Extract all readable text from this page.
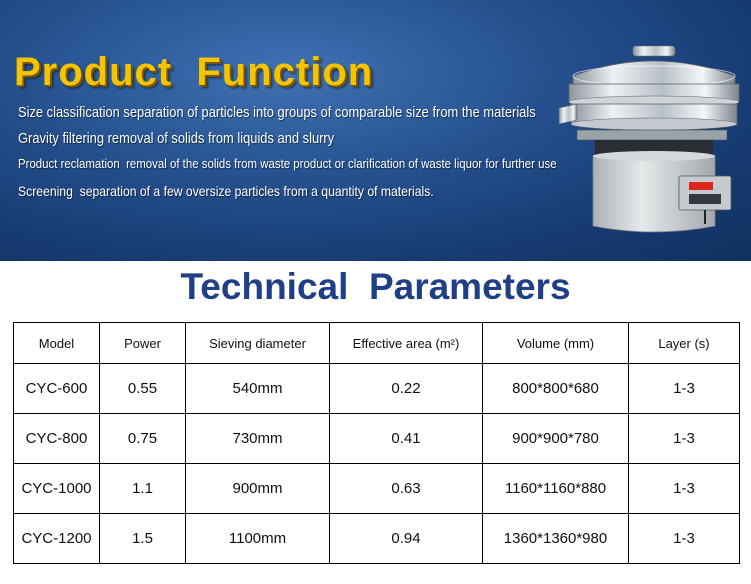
Product  Function

Size classification separation of particles into groups of comparable size from the materials

Gravity filtering removal of solids from liquids and slurry

Product reclamation  removal of the solids from waste product or clarification of waste liquor for further use

Screening  separation of a few oversize particles from a quantity of materials.

Technical  Parameters
Model	Power	Sieving diameter	Effective area (m²)	Volume (mm)	Layer (s)
CYC-600	0.55	540mm	0.22	800*800*680	1-3
CYC-800	0.75	730mm	0.41	900*900*780	1-3
CYC-1000	1.1	900mm	0.63	1160*1160*880	1-3
CYC-1200	1.5	1100mm	0.94	1360*1360*980	1-3
